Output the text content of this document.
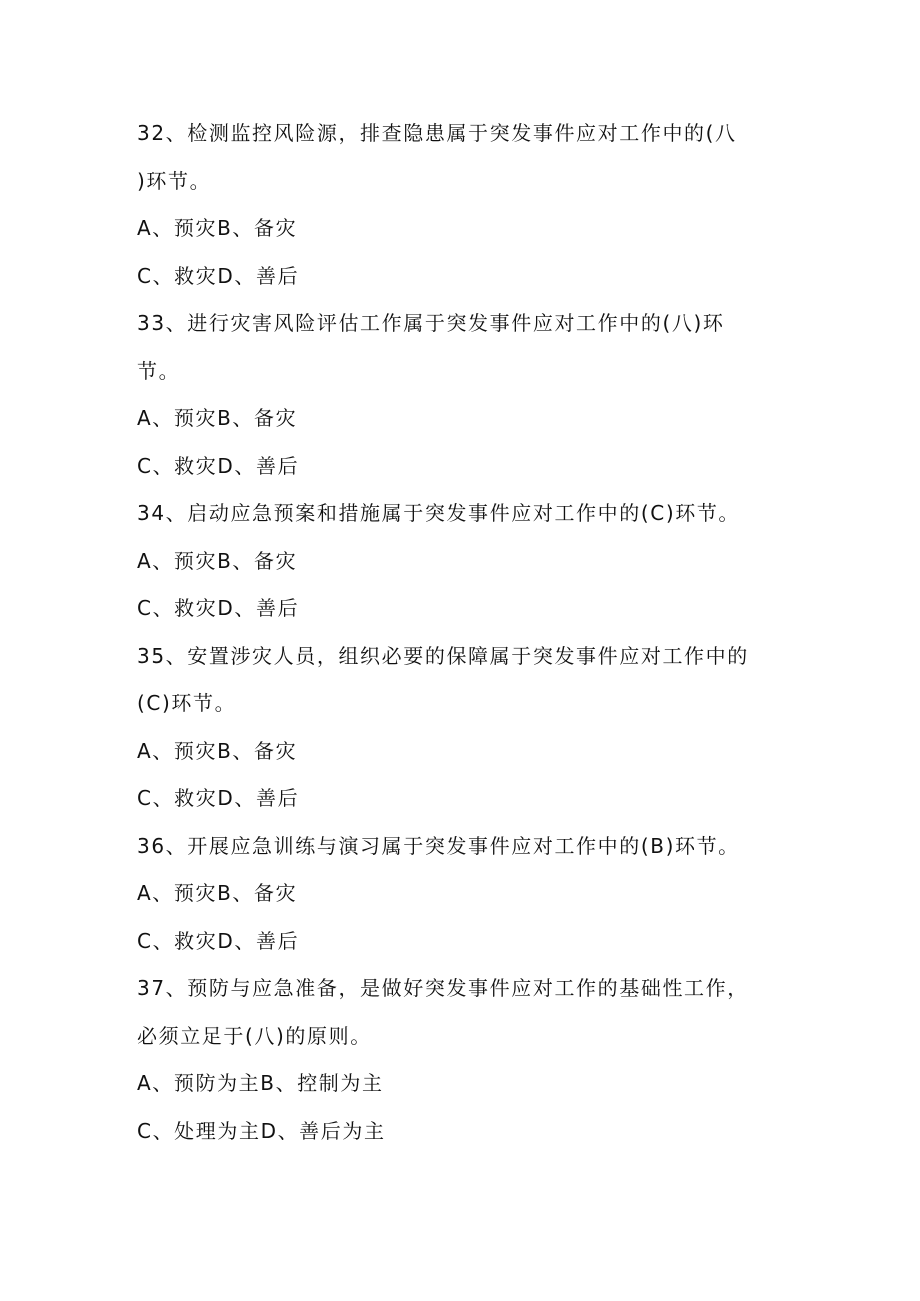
32、检测监控风险源，排查隐患属于突发事件应对工作中的(八
)环节。
A、预灾B、备灾
C、救灾D、善后
33、进行灾害风险评估工作属于突发事件应对工作中的(八)环
节。
A、预灾B、备灾
C、救灾D、善后
34、启动应急预案和措施属于突发事件应对工作中的(C)环节。
A、预灾B、备灾
C、救灾D、善后
35、安置涉灾人员，组织必要的保障属于突发事件应对工作中的
(C)环节。
A、预灾B、备灾
C、救灾D、善后
36、开展应急训练与演习属于突发事件应对工作中的(B)环节。
A、预灾B、备灾
C、救灾D、善后
37、预防与应急准备，是做好突发事件应对工作的基础性工作，
必须立足于(八)的原则。
A、预防为主B、控制为主
C、处理为主D、善后为主
